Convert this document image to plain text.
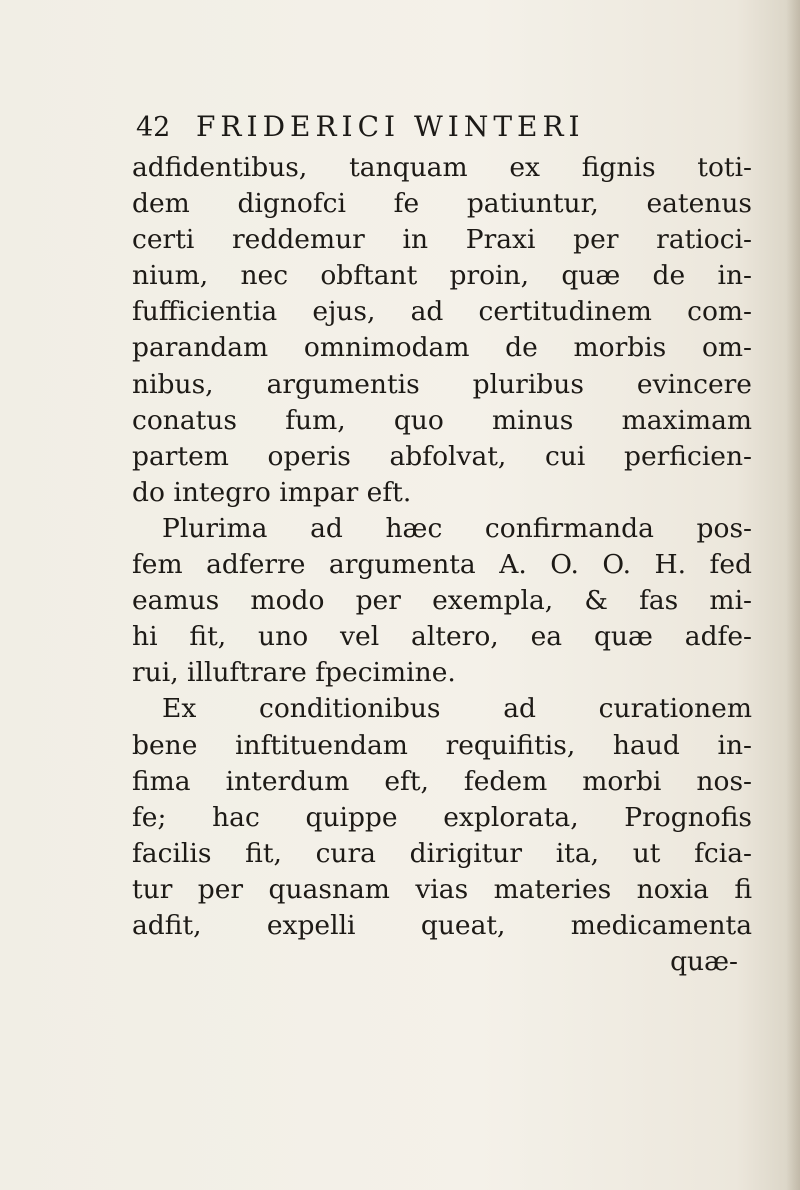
42 FRIDERICI WINTERI
adfidentibus, tanquam ex fignis toti-
dem dignofci fe patiuntur, eatenus
certi reddemur in Praxi per ratioci-
nium, nec obftant proin, quæ de in-
fufficientia ejus, ad certitudinem com-
parandam omnimodam de morbis om-
nibus, argumentis pluribus evincere
conatus fum, quo minus maximam
partem operis abfolvat, cui perficien-
do integro impar eft.
Plurima ad hæc confirmanda pos-
fem adferre argumenta A. O. O. H. fed
eamus modo per exempla, & fas mi-
hi fit, uno vel altero, ea quæ adfe-
rui, illuftrare fpecimine.
Ex conditionibus ad curationem
bene inftituendam requifitis, haud in-
fima interdum eft, fedem morbi nos-
fe; hac quippe explorata, Prognofis
facilis fit, cura dirigitur ita, ut fcia-
tur per quasnam vias materies noxia fi
adfit, expelli queat, medicamenta
quæ-
